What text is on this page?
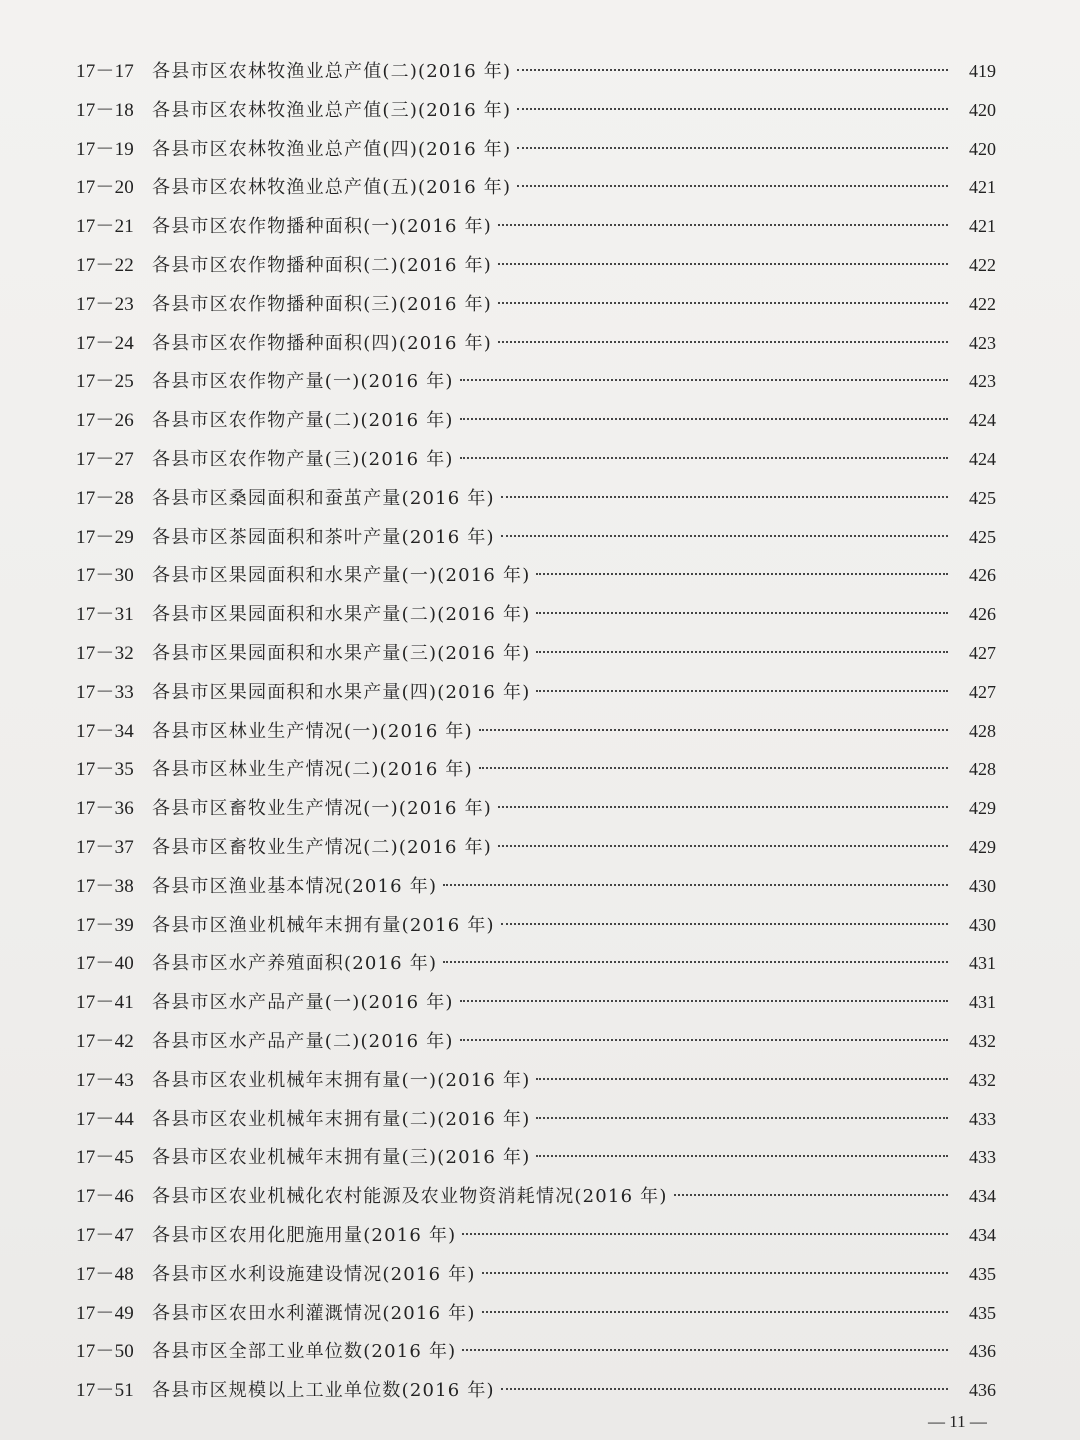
17－17 各县市区农林牧渔业总产值(二)(2016 年)	419
17－18 各县市区农林牧渔业总产值(三)(2016 年)	420
17－19 各县市区农林牧渔业总产值(四)(2016 年)	420
17－20 各县市区农林牧渔业总产值(五)(2016 年)	421
17－21 各县市区农作物播种面积(一)(2016 年)	421
17－22 各县市区农作物播种面积(二)(2016 年)	422
17－23 各县市区农作物播种面积(三)(2016 年)	422
17－24 各县市区农作物播种面积(四)(2016 年)	423
17－25 各县市区农作物产量(一)(2016 年)	423
17－26 各县市区农作物产量(二)(2016 年)	424
17－27 各县市区农作物产量(三)(2016 年)	424
17－28 各县市区桑园面积和蚕茧产量(2016 年)	425
17－29 各县市区茶园面积和茶叶产量(2016 年)	425
17－30 各县市区果园面积和水果产量(一)(2016 年)	426
17－31 各县市区果园面积和水果产量(二)(2016 年)	426
17－32 各县市区果园面积和水果产量(三)(2016 年)	427
17－33 各县市区果园面积和水果产量(四)(2016 年)	427
17－34 各县市区林业生产情况(一)(2016 年)	428
17－35 各县市区林业生产情况(二)(2016 年)	428
17－36 各县市区畜牧业生产情况(一)(2016 年)	429
17－37 各县市区畜牧业生产情况(二)(2016 年)	429
17－38 各县市区渔业基本情况(2016 年)	430
17－39 各县市区渔业机械年末拥有量(2016 年)	430
17－40 各县市区水产养殖面积(2016 年)	431
17－41 各县市区水产品产量(一)(2016 年)	431
17－42 各县市区水产品产量(二)(2016 年)	432
17－43 各县市区农业机械年末拥有量(一)(2016 年)	432
17－44 各县市区农业机械年末拥有量(二)(2016 年)	433
17－45 各县市区农业机械年末拥有量(三)(2016 年)	433
17－46 各县市区农业机械化农村能源及农业物资消耗情况(2016 年)	434
17－47 各县市区农用化肥施用量(2016 年)	434
17－48 各县市区水利设施建设情况(2016 年)	435
17－49 各县市区农田水利灌溉情况(2016 年)	435
17－50 各县市区全部工业单位数(2016 年)	436
17－51 各县市区规模以上工业单位数(2016 年)	436
— 11 —
